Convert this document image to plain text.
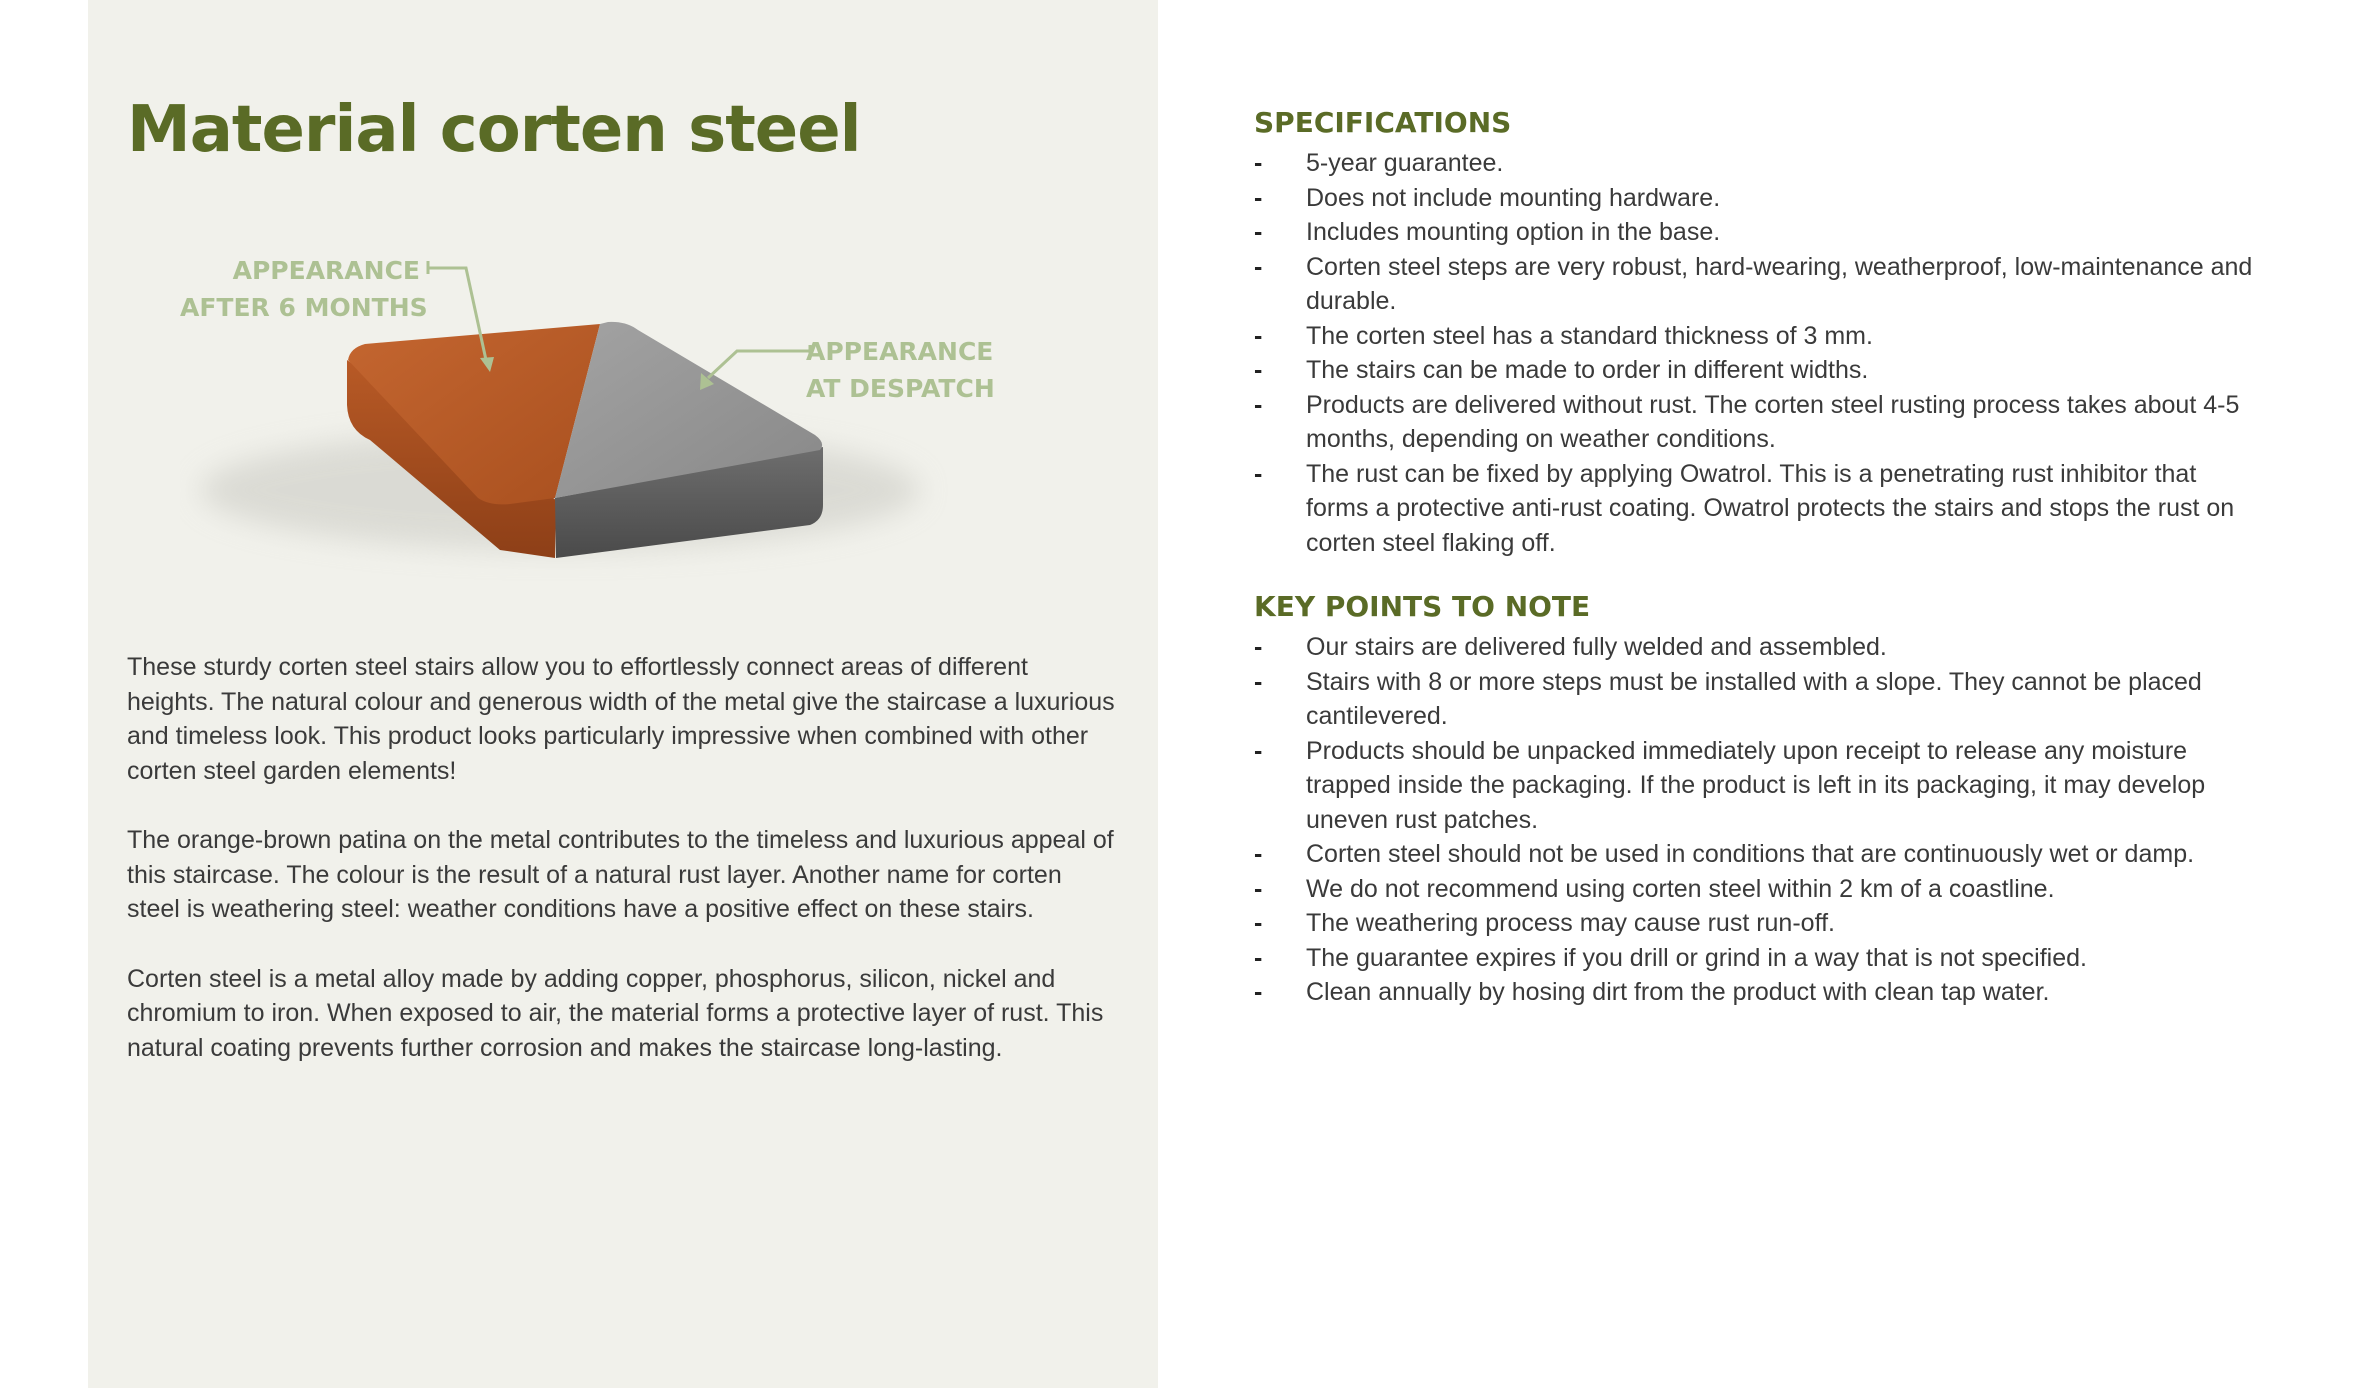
Material corten steel
APPEARANCE
AFTER 6 MONTHS
APPEARANCE
AT DESPATCH

These sturdy corten steel stairs allow you to effortlessly connect areas of different heights. The natural colour and generous width of the metal give the staircase a luxurious and timeless look. This product looks particularly impressive when combined with other corten steel garden elements!

The orange-brown patina on the metal contributes to the timeless and luxurious appeal of this staircase. The colour is the result of a natural rust layer. Another name for corten steel is weathering steel: weather conditions have a positive effect on these stairs.

Corten steel is a metal alloy made by adding copper, phosphorus, silicon, nickel and chromium to iron. When exposed to air, the material forms a protective layer of rust. This natural coating prevents further corrosion and makes the staircase long-lasting.

SPECIFICATIONS
- 5-year guarantee.
- Does not include mounting hardware.
- Includes mounting option in the base.
- Corten steel steps are very robust, hard-wearing, weatherproof, low-maintenance and durable.
- The corten steel has a standard thickness of 3 mm.
- The stairs can be made to order in different widths.
- Products are delivered without rust. The corten steel rusting process takes about 4-5 months, depending on weather conditions.
- The rust can be fixed by applying Owatrol. This is a penetrating rust inhibitor that forms a protective anti-rust coating. Owatrol protects the stairs and stops the rust on corten steel flaking off.
KEY POINTS TO NOTE
- Our stairs are delivered fully welded and assembled.
- Stairs with 8 or more steps must be installed with a slope. They cannot be placed cantilevered.
- Products should be unpacked immediately upon receipt to release any moisture trapped inside the packaging. If the product is left in its packaging, it may develop uneven rust patches.
- Corten steel should not be used in conditions that are continuously wet or damp.
- We do not recommend using corten steel within 2 km of a coastline.
- The weathering process may cause rust run-off.
- The guarantee expires if you drill or grind in a way that is not specified.
- Clean annually by hosing dirt from the product with clean tap water.
